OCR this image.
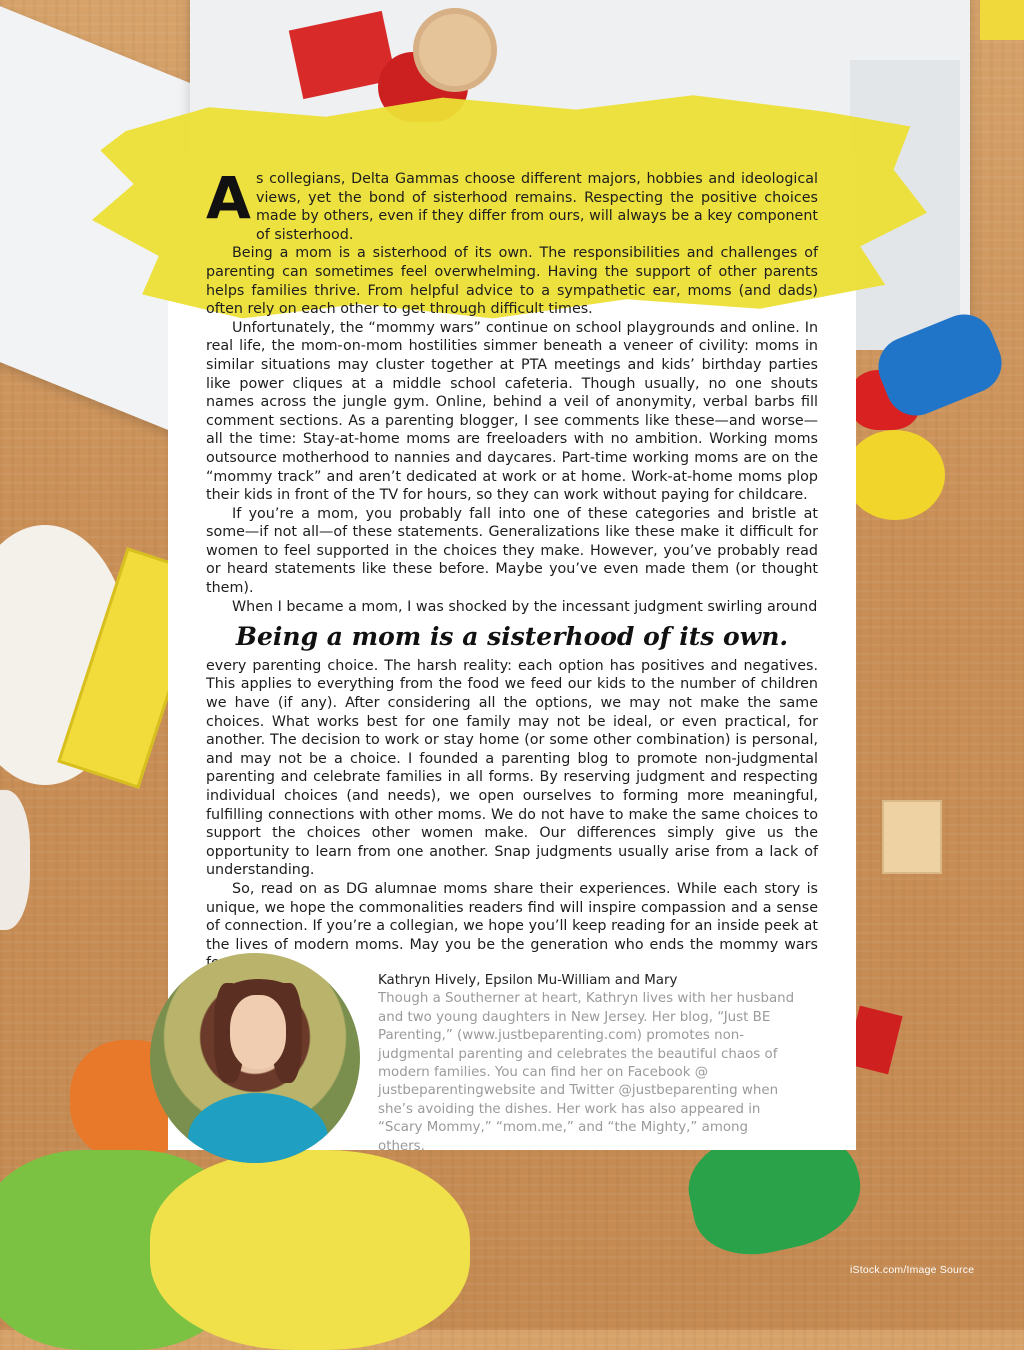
As collegians, Delta Gammas choose different majors, hobbies and ideological views, yet the bond of sisterhood remains. Respecting the positive choices made by others, even if they differ from ours, will always be a key component of sisterhood.

Being a mom is a sisterhood of its own. The responsibilities and challenges of parenting can sometimes feel overwhelming. Having the support of other parents helps families thrive. From helpful advice to a sympathetic ear, moms (and dads) often rely on each other to get through difficult times.

Unfortunately, the “mommy wars” continue on school playgrounds and online. In real life, the mom-on-mom hostilities simmer beneath a veneer of civility: moms in similar situations may cluster together at PTA meetings and kids’ birthday parties like power cliques at a middle school cafeteria. Though usually, no one shouts names across the jungle gym. Online, behind a veil of anonymity, verbal barbs fill comment sections. As a parenting blogger, I see comments like these—and worse—all the time: Stay-at-home moms are freeloaders with no ambition. Working moms outsource motherhood to nannies and daycares. Part-time working moms are on the “mommy track” and aren’t dedicated at work or at home. Work-at-home moms plop their kids in front of the TV for hours, so they can work without paying for childcare.

If you’re a mom, you probably fall into one of these categories and bristle at some—if not all—of these statements. Generalizations like these make it difficult for women to feel supported in the choices they make. However, you’ve probably read or heard statements like these before. Maybe you’ve even made them (or thought them).

When I became a mom, I was shocked by the incessant judgment swirling around

Being a mom is a sisterhood of its own.

every parenting choice. The harsh reality: each option has positives and negatives. This applies to everything from the food we feed our kids to the number of children we have (if any). After considering all the options, we may not make the same choices. What works best for one family may not be ideal, or even practical, for another. The decision to work or stay home (or some other combination) is personal, and may not be a choice. I founded a parenting blog to promote non-judgmental parenting and celebrate families in all forms. By reserving judgment and respecting individual choices (and needs), we open ourselves to forming more meaningful, fulfilling connections with other moms. We do not have to make the same choices to support the choices other women make. Our differences simply give us the opportunity to learn from one another. Snap judgments usually arise from a lack of understanding.

So, read on as DG alumnae moms share their experiences. While each story is unique, we hope the commonalities readers find will inspire compassion and a sense of connection. If you’re a collegian, we hope you’ll keep reading for an inside peek at the lives of modern moms. May you be the generation who ends the mommy wars

Kathryn Hively, Epsilon Mu-William and Mary

Though a Southerner at heart, Kathryn lives with her husband and two young daughters in New Jersey. Her blog, “Just BE Parenting,” (www.justbeparenting.com) promotes non-judgmental parenting and celebrates the beautiful chaos of modern families. You can find her on Facebook @ justbeparentingwebsite and Twitter @justbeparenting when she’s avoiding the dishes. Her work has also appeared in “Scary Mommy,” “mom.me,” and “the Mighty,” among others.

iStock.com/Image Source
